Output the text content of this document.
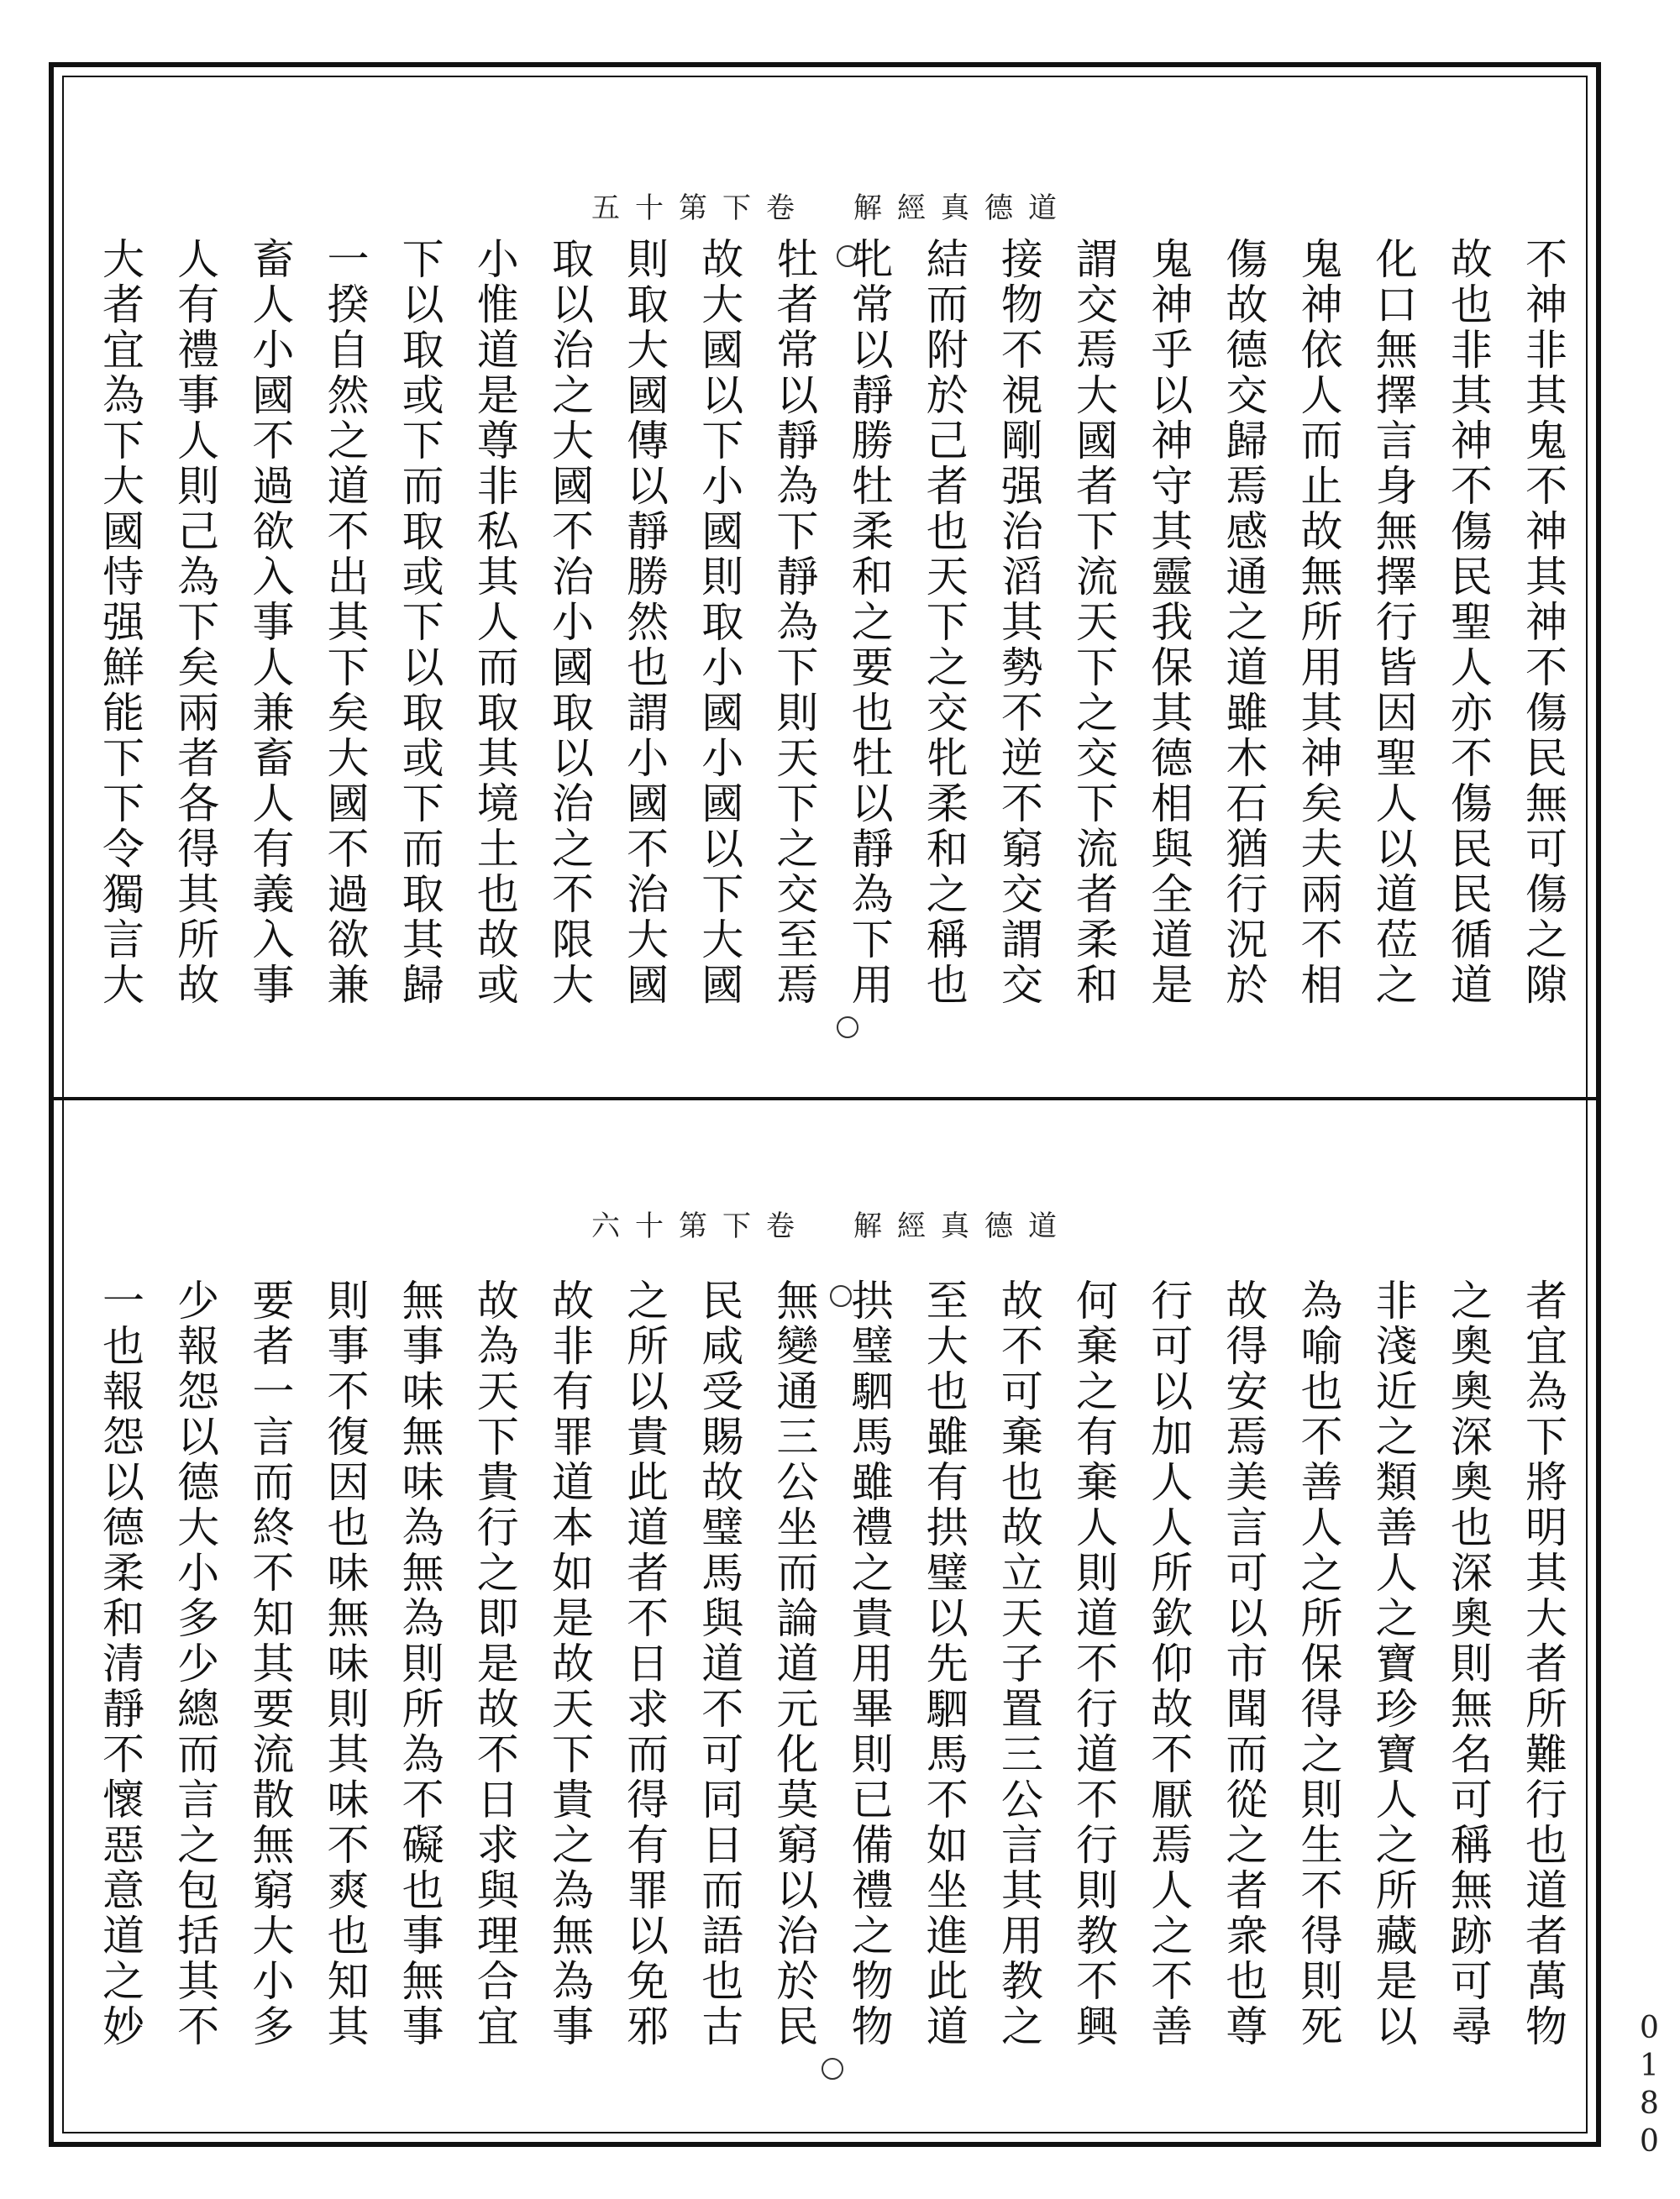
道德真經解　卷下第十五
不神非其鬼不神其神不傷民無可傷之隙
故也非其神不傷民聖人亦不傷民民循道
化口無擇言身無擇行皆因聖人以道莅之
鬼神依人而止故無所用其神矣夫兩不相
傷故德交歸焉感通之道雖木石猶行況於
鬼神乎以神守其靈我保其德相與全道是
謂交焉大國者下流天下之交下流者柔和
接物不視剛强治滔其勢不逆不窮交謂交
結而附於己者也天下之交牝柔和之稱也
牝常以靜勝牡柔和之要也牡以靜為下用
牡者常以靜為下靜為下則天下之交至焉
故大國以下小國則取小國小國以下大國
則取大國傳以靜勝然也謂小國不治大國
取以治之大國不治小國取以治之不限大
小惟道是尊非私其人而取其境土也故或
下以取或下而取或下以取或下而取其歸
一揆自然之道不出其下矣大國不過欲兼
畜人小國不過欲入事人兼畜人有義入事
人有禮事人則己為下矣兩者各得其所故
大者宜為下大國恃强鮮能下下令獨言大
道德真經解　卷下第十六
者宜為下將明其大者所難行也道者萬物
之奧奧深奧也深奧則無名可稱無跡可尋
非淺近之類善人之寶珍寶人之所藏是以
為喻也不善人之所保得之則生不得則死
故得安焉美言可以市聞而從之者衆也尊
行可以加人人所欽仰故不厭焉人之不善
何棄之有棄人則道不行道不行則教不興
故不可棄也故立天子置三公言其用教之
至大也雖有拱璧以先駟馬不如坐進此道
拱璧駟馬雖禮之貴用畢則已備禮之物物
無變通三公坐而論道元化莫窮以治於民
民咸受賜故璧馬與道不可同日而語也古
之所以貴此道者不日求而得有罪以免邪
故非有罪道本如是故天下貴之為無為事
故為天下貴行之即是故不日求與理合宜
無事味無味為無為則所為不礙也事無事
則事不復因也味無味則其味不爽也知其
要者一言而終不知其要流散無窮大小多
少報怨以德大小多少總而言之包括其不
一也報怨以德柔和清靜不懷惡意道之妙
0180
